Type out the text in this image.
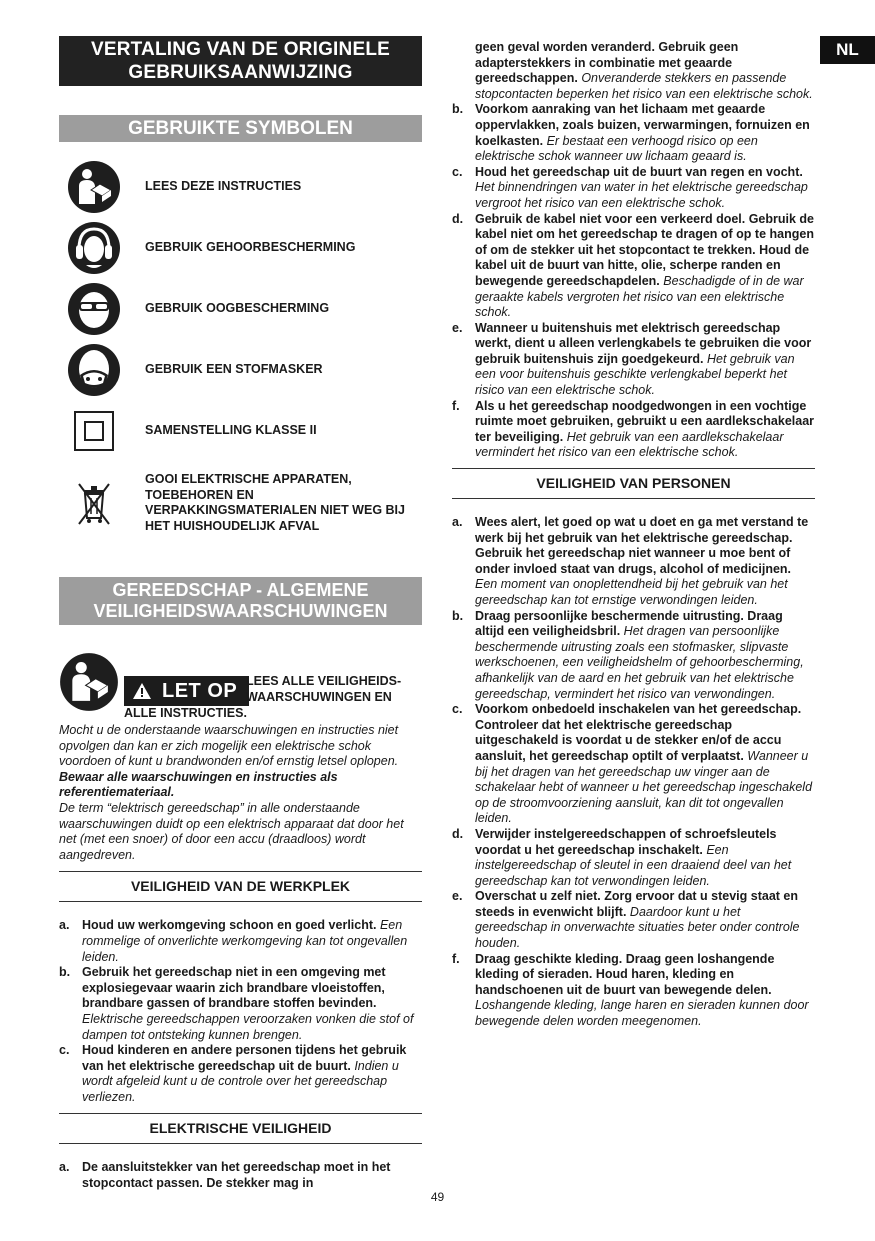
NL
VERTALING VAN DE ORIGINELE GEBRUIKSAANWIJZING
GEBRUIKTE SYMBOLEN
LEES DEZE INSTRUCTIES
GEBRUIK GEHOORBESCHERMING
GEBRUIK OOGBESCHERMING
GEBRUIK EEN STOFMASKER
SAMENSTELLING KLASSE II
GOOI ELEKTRISCHE APPARATEN, TOEBEHOREN EN VERPAKKINGSMATERIALEN NIET WEG BIJ HET HUISHOUDELIJK AFVAL
GEREEDSCHAP - ALGEMENE VEILIGHEIDSWAARSCHUWINGEN
LET OP LEES ALLE VEILIGHEIDS-
WAARSCHUWINGEN EN
ALLE INSTRUCTIES.
Mocht u de onderstaande waarschuwingen en instructies niet opvolgen dan kan er zich mogelijk een elektrische schok voordoen of kunt u brandwonden en/of ernstig letsel oplopen.
Bewaar alle waarschuwingen en instructies als referentiemateriaal.
De term “elektrisch gereedschap” in alle onderstaande waarschuwingen duidt op een elektrisch apparaat dat door het net (met een snoer) of door een accu (draadloos) wordt aangedreven.
VEILIGHEID VAN DE WERKPLEK
a. Houd uw werkomgeving schoon en goed verlicht. Een rommelige of onverlichte werkomgeving kan tot ongevallen leiden.
b. Gebruik het gereedschap niet in een omgeving met explosiegevaar waarin zich brandbare vloeistoffen, brandbare gassen of brandbare stoffen bevinden. Elektrische gereedschappen veroorzaken vonken die stof of dampen tot ontsteking kunnen brengen.
c. Houd kinderen en andere personen tijdens het gebruik van het elektrische gereedschap uit de buurt. Indien u wordt afgeleid kunt u de controle over het gereedschap verliezen.
ELEKTRISCHE VEILIGHEID
a. De aansluitstekker van het gereedschap moet in het stopcontact passen. De stekker mag in
geen geval worden veranderd. Gebruik geen adapterstekkers in combinatie met geaarde gereedschappen. Onveranderde stekkers en passende stopcontacten beperken het risico van een elektrische schok.
b. Voorkom aanraking van het lichaam met geaarde oppervlakken, zoals buizen, verwarmingen, fornuizen en koelkasten. Er bestaat een verhoogd risico op een elektrische schok wanneer uw lichaam geaard is.
c. Houd het gereedschap uit de buurt van regen en vocht. Het binnendringen van water in het elektrische gereedschap vergroot het risico van een elektrische schok.
d. Gebruik de kabel niet voor een verkeerd doel. Gebruik de kabel niet om het gereedschap te dragen of op te hangen of om de stekker uit het stopcontact te trekken. Houd de kabel uit de buurt van hitte, olie, scherpe randen en bewegende gereedschapdelen. Beschadigde of in de war geraakte kabels vergroten het risico van een elektrische schok.
e. Wanneer u buitenshuis met elektrisch gereedschap werkt, dient u alleen verlengkabels te gebruiken die voor gebruik buitenshuis zijn goedgekeurd. Het gebruik van een voor buitenshuis geschikte verlengkabel beperkt het risico van een elektrische schok.
f. Als u het gereedschap noodgedwongen in een vochtige ruimte moet gebruiken, gebruikt u een aardlekschakelaar ter beveiliging. Het gebruik van een aardlekschakelaar vermindert het risico van een elektrische schok.
VEILIGHEID VAN PERSONEN
a. Wees alert, let goed op wat u doet en ga met verstand te werk bij het gebruik van het elektrische gereedschap. Gebruik het gereedschap niet wanneer u moe bent of onder invloed staat van drugs, alcohol of medicijnen. Een moment van onoplettendheid bij het gebruik van het gereedschap kan tot ernstige verwondingen leiden.
b. Draag persoonlijke beschermende uitrusting. Draag altijd een veiligheidsbril. Het dragen van persoonlijke beschermende uitrusting zoals een stofmasker, slipvaste werkschoenen, een veiligheidshelm of gehoorbescherming, afhankelijk van de aard en het gebruik van het elektrische gereedschap, vermindert het risico van verwondingen.
c. Voorkom onbedoeld inschakelen van het gereedschap. Controleer dat het elektrische gereedschap uitgeschakeld is voordat u de stekker en/of de accu aansluit, het gereedschap optilt of verplaatst. Wanneer u bij het dragen van het gereedschap uw vinger aan de schakelaar hebt of wanneer u het gereedschap ingeschakeld op de stroomvoorziening aansluit, kan dit tot ongevallen leiden.
d. Verwijder instelgereedschappen of schroefsleutels voordat u het gereedschap inschakelt. Een instelgereedschap of sleutel in een draaiend deel van het gereedschap kan tot verwondingen leiden.
e. Overschat u zelf niet. Zorg ervoor dat u stevig staat en steeds in evenwicht blijft. Daardoor kunt u het gereedschap in onverwachte situaties beter onder controle houden.
f. Draag geschikte kleding. Draag geen loshangende kleding of sieraden. Houd haren, kleding en handschoenen uit de buurt van bewegende delen. Loshangende kleding, lange haren en sieraden kunnen door bewegende delen worden meegenomen.
49
